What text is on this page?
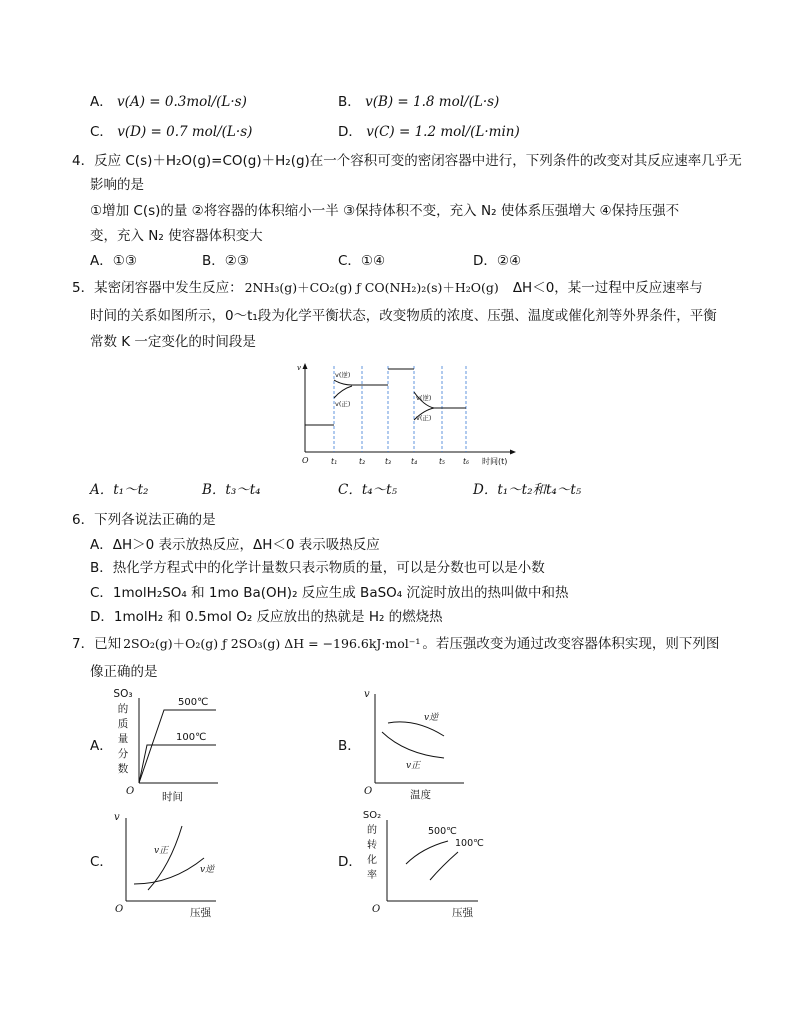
A． v(A) = 0.3mol/(L·s)	B． v(B) = 1.8 mol/(L·s)
C． v(D) = 0.7 mol/(L·s)	D． v(C) = 1.2 mol/(L·min)
4．反应 C(s)＋H₂O(g)=CO(g)＋H₂(g)在一个容积可变的密闭容器中进行，下列条件的改变对其反应速率几乎无
影响的是
①增加 C(s)的量 ②将容器的体积缩小一半 ③保持体积不变，充入 N₂ 使体系压强增大 ④保持压强不
变，充入 N₂ 使容器体积变大
A．①③	B．②③	C．①④	D．②④
5．某密闭容器中发生反应： 2NH₃(g)＋CO₂(g) ƒ CO(NH₂)₂(s)＋H₂O(g) ΔH＜0，某一过程中反应速率与
时间的关系如图所示，0～t₁段为化学平衡状态，改变物质的浓度、压强、温度或催化剂等外界条件，平衡
常数 K 一定变化的时间段是
v
O	时间(t)
t₁	t₂	t₃	t₄	t₅ t₆
v(逆)
v(正)
v(逆)
v(正)
A．t₁～t₂	B．t₃～t₄	C．t₄～t₅	D．t₁～t₂和t₄～t₅
6．下列各说法正确的是
A．ΔH＞0 表示放热反应，ΔH＜0 表示吸热反应
B．热化学方程式中的化学计量数只表示物质的量，可以是分数也可以是小数
C．1molH₂SO₄ 和 1mo Ba(OH)₂ 反应生成 BaSO₄ 沉淀时放出的热叫做中和热
D．1molH₂ 和 0.5mol O₂ 反应放出的热就是 H₂ 的燃烧热
7．已知 2SO₂(g)＋O₂(g) ƒ 2SO₃(g) ΔH = −196.6kJ·mol⁻¹ 。若压强改变为通过改变容器体积实现，则下列图
像正确的是
A．
SO₃
的
质
量
分
数
500℃
100℃
O	时间
B．
v
v逆
v正
O	温度
C．
v
v正
v逆
O	压强
D．
SO₂
的
转
化
率
500℃
100℃
O	压强
